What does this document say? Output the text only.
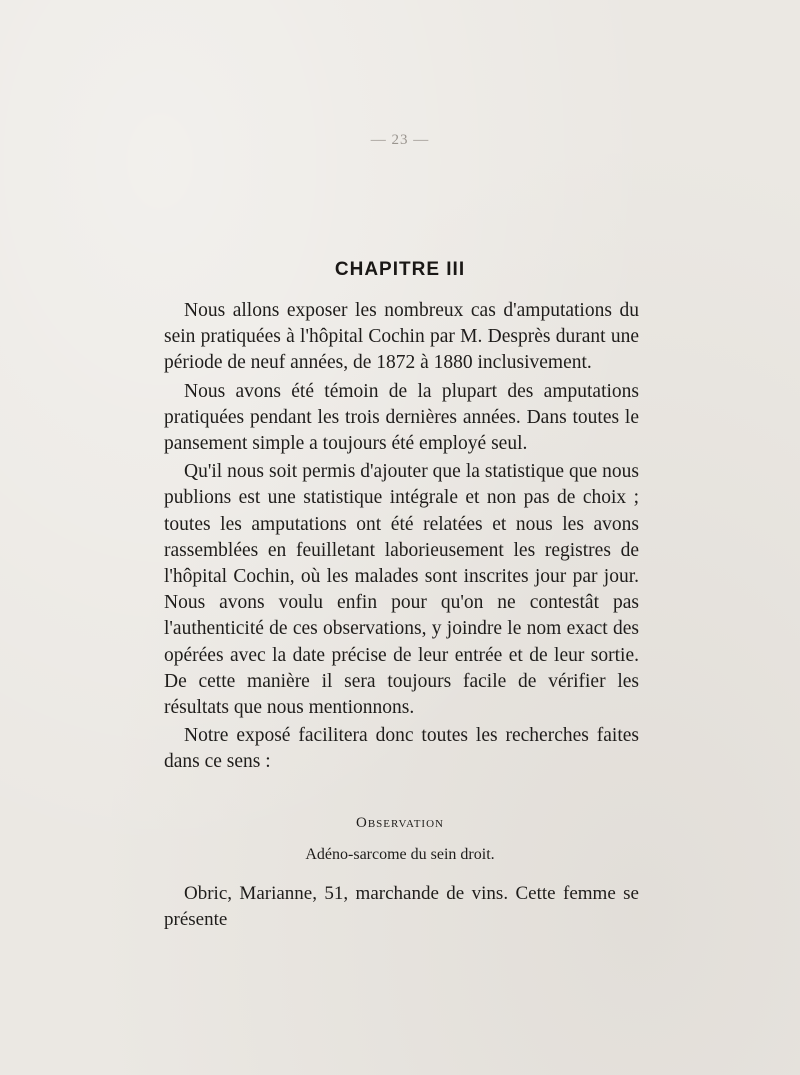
— 23 —
CHAPITRE III

Nous allons exposer les nombreux cas d'amputations du sein pratiquées à l'hôpital Cochin par M. Desprès durant une période de neuf années, de 1872 à 1880 inclusivement.

Nous avons été témoin de la plupart des amputations pratiquées pendant les trois dernières années. Dans toutes le pansement simple a toujours été employé seul.

Qu'il nous soit permis d'ajouter que la statistique que nous publions est une statistique intégrale et non pas de choix ; toutes les amputations ont été relatées et nous les avons rassemblées en feuilletant laborieusement les registres de l'hôpital Cochin, où les malades sont inscrites jour par jour. Nous avons voulu enfin pour qu'on ne contestât pas l'authenticité de ces observations, y joindre le nom exact des opérées avec la date précise de leur entrée et de leur sortie. De cette manière il sera toujours facile de vérifier les résultats que nous mentionnons.

Notre exposé facilitera donc toutes les recherches faites dans ce sens :

Observation
Adéno-sarcome du sein droit.

Obric, Marianne, 51, marchande de vins. Cette femme se présente
